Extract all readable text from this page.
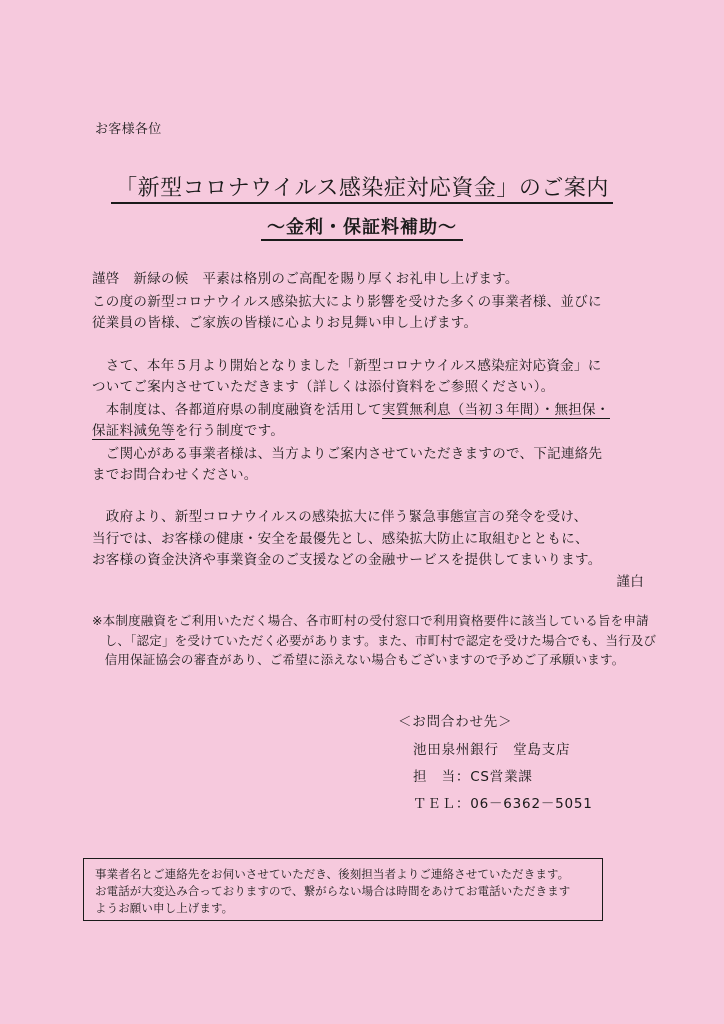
お客様各位
「新型コロナウイルス感染症対応資金」のご案内
～金利・保証料補助～
謹啓　新緑の候　平素は格別のご高配を賜り厚くお礼申し上げます。
この度の新型コロナウイルス感染拡大により影響を受けた多くの事業者様、並びに
従業員の皆様、ご家族の皆様に心よりお見舞い申し上げます。
　さて、本年５月より開始となりました「新型コロナウイルス感染症対応資金」に
ついてご案内させていただきます（詳しくは添付資料をご参照ください）。
　本制度は、各都道府県の制度融資を活用して実質無利息（当初３年間）・無担保・
保証料減免等を行う制度です。
　ご関心がある事業者様は、当方よりご案内させていただきますので、下記連絡先
までお問合わせください。
　政府より、新型コロナウイルスの感染拡大に伴う緊急事態宣言の発令を受け、
当行では、お客様の健康・安全を最優先とし、感染拡大防止に取組むとともに、
お客様の資金決済や事業資金のご支援などの金融サービスを提供してまいります。
謹白
※本制度融資をご利用いただく場合、各市町村の受付窓口で利用資格要件に該当している旨を申請
　し、「認定」を受けていただく必要があります。また、市町村で認定を受けた場合でも、当行及び
　信用保証協会の審査があり、ご希望に添えない場合もございますので予めご了承願います。
＜お問合わせ先＞
池田泉州銀行　堂島支店
担　当：CS営業課
ＴＥＬ：06－6362－5051
事業者名とご連絡先をお伺いさせていただき、後刻担当者よりご連絡させていただきます。
お電話が大変込み合っておりますので、繋がらない場合は時間をあけてお電話いただきます
ようお願い申し上げます。
